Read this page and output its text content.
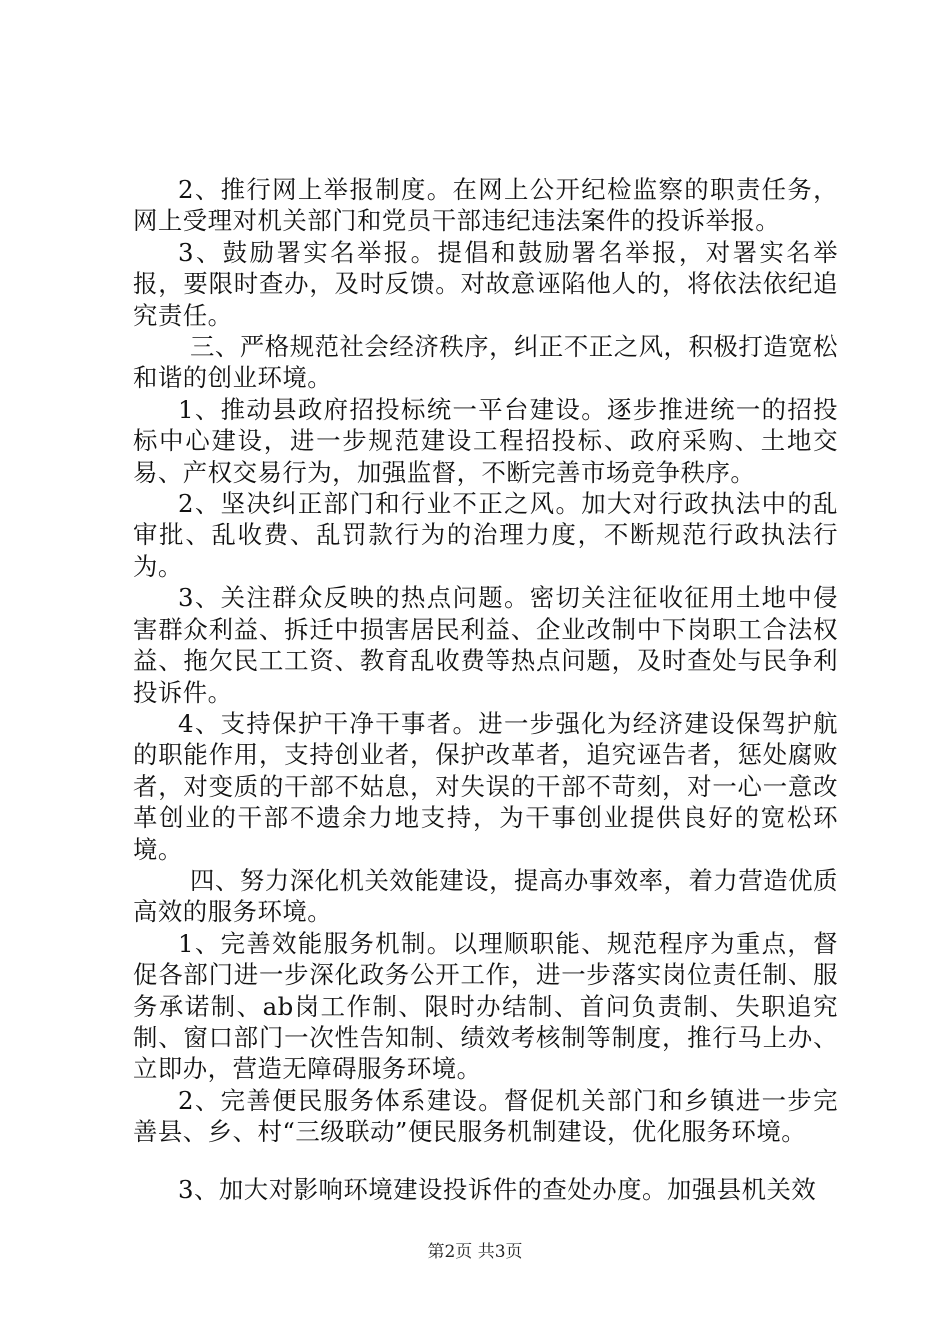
2、推行网上举报制度。在网上公开纪检监察的职责任务，网上受理对机关部门和党员干部违纪违法案件的投诉举报。

3、鼓励署实名举报。提倡和鼓励署名举报，对署实名举报，要限时查办，及时反馈。对故意诬陷他人的，将依法依纪追究责任。

三、严格规范社会经济秩序，纠正不正之风，积极打造宽松和谐的创业环境。

1、推动县政府招投标统一平台建设。逐步推进统一的招投标中心建设，进一步规范建设工程招投标、政府采购、土地交易、产权交易行为，加强监督，不断完善市场竞争秩序。

2、坚决纠正部门和行业不正之风。加大对行政执法中的乱审批、乱收费、乱罚款行为的治理力度，不断规范行政执法行为。

3、关注群众反映的热点问题。密切关注征收征用土地中侵害群众利益、拆迁中损害居民利益、企业改制中下岗职工合法权益、拖欠民工工资、教育乱收费等热点问题，及时查处与民争利投诉件。

4、支持保护干净干事者。进一步强化为经济建设保驾护航的职能作用，支持创业者，保护改革者，追究诬告者，惩处腐败者，对变质的干部不姑息，对失误的干部不苛刻，对一心一意改革创业的干部不遗余力地支持，为干事创业提供良好的宽松环境。

四、努力深化机关效能建设，提高办事效率，着力营造优质高效的服务环境。

1、完善效能服务机制。以理顺职能、规范程序为重点，督促各部门进一步深化政务公开工作，进一步落实岗位责任制、服务承诺制、ab岗工作制、限时办结制、首问负责制、失职追究制、窗口部门一次性告知制、绩效考核制等制度，推行马上办、立即办，营造无障碍服务环境。

2、完善便民服务体系建设。督促机关部门和乡镇进一步完善县、乡、村“三级联动”便民服务机制建设，优化服务环境。

3、加大对影响环境建设投诉件的查处办度。加强县机关效

第2页 共3页
